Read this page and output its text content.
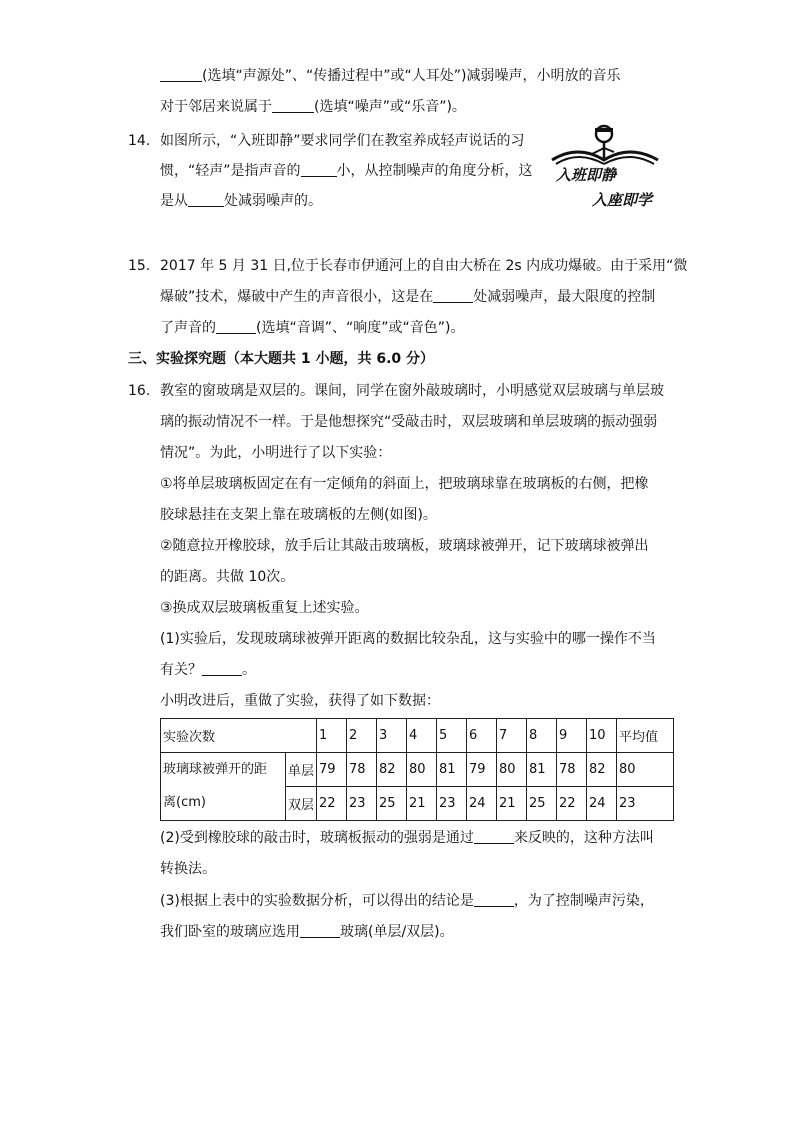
(选填“声源处”、“传播过程中”或“人耳处”)减弱噪声，小明放的音乐
对于邻居来说属于	(选填“噪声”或“乐音”)。
14. 如图所示，“入班即静”要求同学们在教室养成轻声说话的习
惯，“轻声”是指声音的	小，从控制噪声的角度分析，这
是从	处减弱噪声的。
入班即静
入座即学
15. 2017 年 5 月 31 日,位于长春市伊通河上的自由大桥在 2s 内成功爆破。由于采用“微
爆破”技术，爆破中产生的声音很小，这是在	处减弱噪声，最大限度的控制
了声音的	(选填“音调”、“响度”或“音色”)。
三、实验探究题（本大题共 1 小题，共 6.0 分）
16. 教室的窗玻璃是双层的。课间，同学在窗外敲玻璃时，小明感觉双层玻璃与单层玻
璃的振动情况不一样。于是他想探究“受敲击时，双层玻璃和单层玻璃的振动强弱
情况”。为此，小明进行了以下实验：
①将单层玻璃板固定在有一定倾角的斜面上，把玻璃球靠在玻璃板的右侧，把橡
胶球悬挂在支架上靠在玻璃板的左侧(如图)。
②随意拉开橡胶球，放手后让其敲击玻璃板，玻璃球被弹开，记下玻璃球被弹出
的距离。共做 10次。
③换成双层玻璃板重复上述实验。
(1)实验后，发现玻璃球被弹开距离的数据比较杂乱，这与实验中的哪一操作不当
有关？	。
小明改进后，重做了实验，获得了如下数据：
实验次数		1	2	3	4	5	6	7	8	9	10	平均值

玻璃球被弹开的距
离(cm)	单层	79	78	82	80	81	79	80	81	78	82	80
	双层	22	23	25	21	23	24	21	25	22	24	23
(2)受到橡胶球的敲击时，玻璃板振动的强弱是通过	来反映的，这种方法叫
转换法。
(3)根据上表中的实验数据分析，可以得出的结论是	，为了控制噪声污染，
我们卧室的玻璃应选用	玻璃(单层/双层)。
